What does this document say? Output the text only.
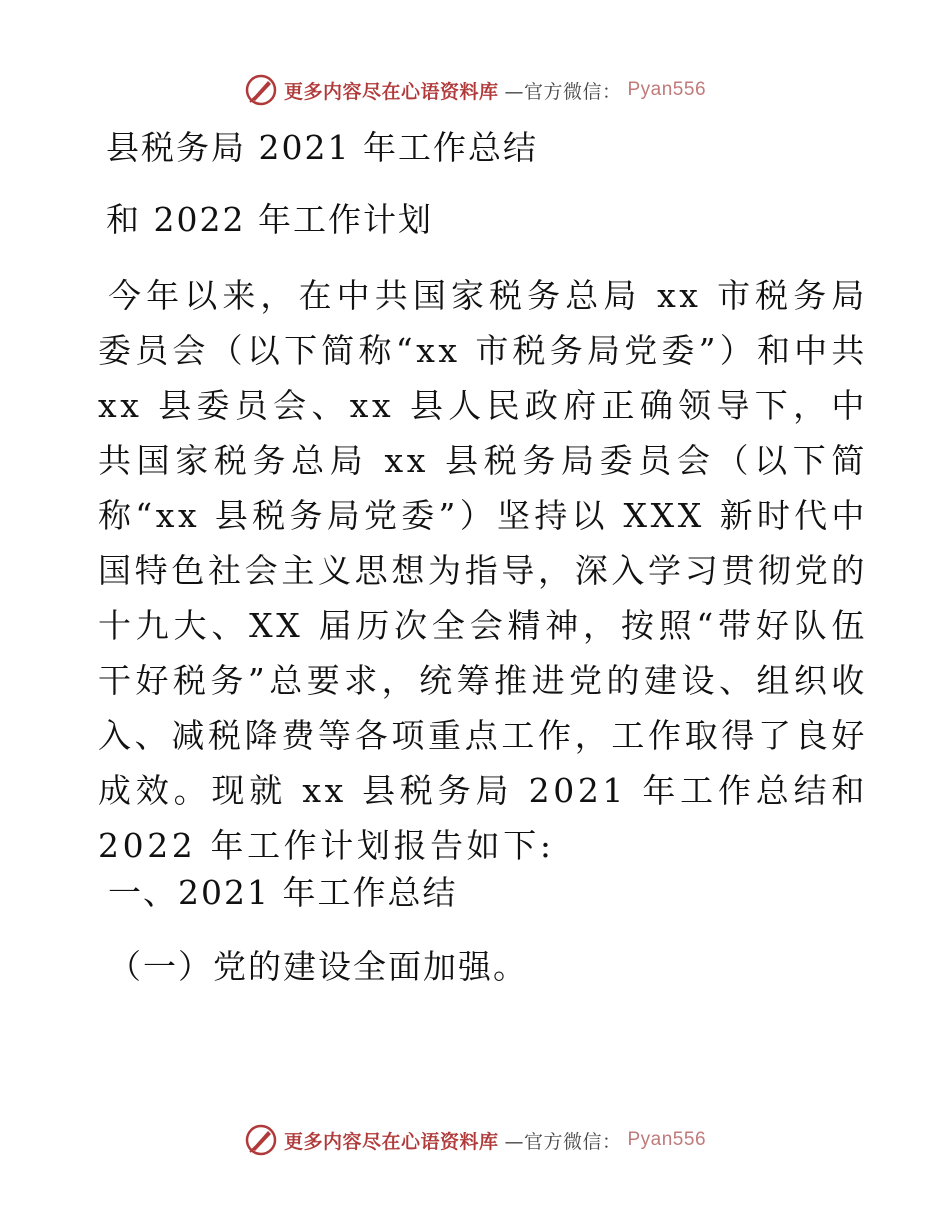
更多内容尽在心语资料库 —官方微信： Pyan556
县税务局 2021 年工作总结
和 2022 年工作计划
今年以来，在中共国家税务总局 xx 市税务局委员会（以下简称“xx 市税务局党委”）和中共 xx 县委员会、xx 县人民政府正确领导下，中共国家税务总局 xx 县税务局委员会（以下简称“xx 县税务局党委”）坚持以 XXX 新时代中国特色社会主义思想为指导，深入学习贯彻党的十九大、XX 届历次全会精神，按照“带好队伍干好税务”总要求，统筹推进党的建设、组织收入、减税降费等各项重点工作，工作取得了良好成效。现就 xx 县税务局 2021 年工作总结和 2022 年工作计划报告如下:
一、2021 年工作总结
（一）党的建设全面加强。
更多内容尽在心语资料库 —官方微信： Pyan556
